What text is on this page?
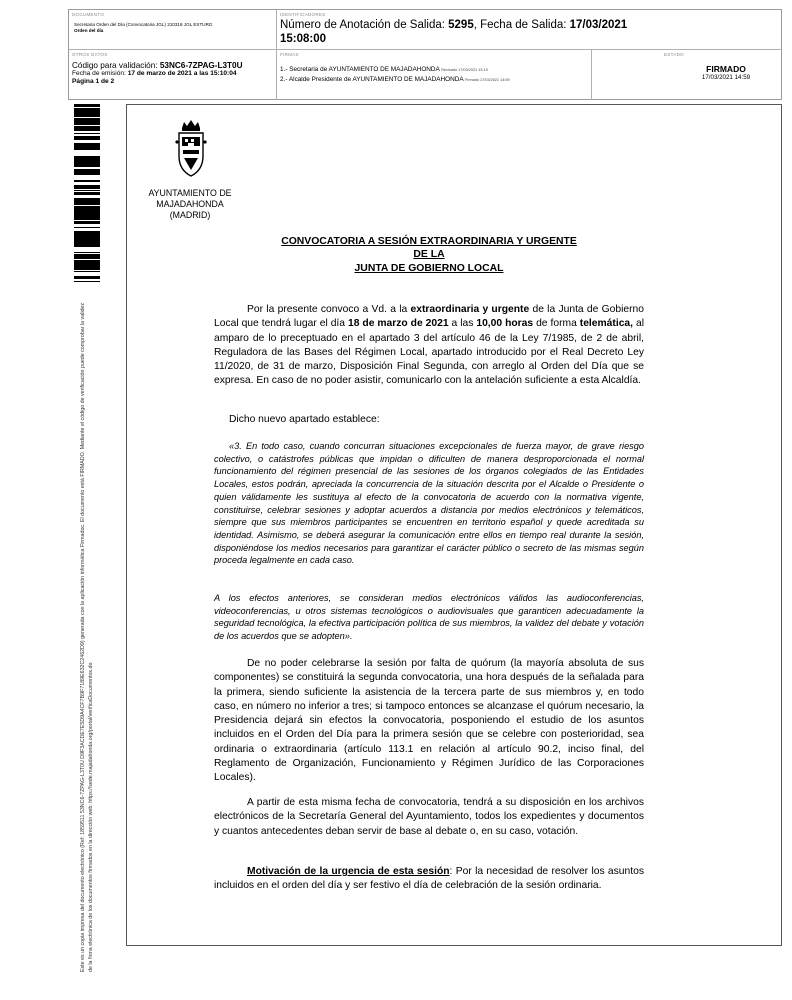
DOCUMENTO
Secretaria Orden del Día (Convocatoria JGL) 210318 JGL EXTURG
Orden del día
IDENTIFICADORES
Número de Anotación de Salida: 5295, Fecha de Salida: 17/03/2021
15:08:00
OTROS DATOS
Código para validación: 53NC6-7ZPAG-L3T0U
Fecha de emisión: 17 de marzo de 2021 a las 15:10:04
Página 1 de 2
FIRMAS
1.- Secretaria de AYUNTAMIENTO DE MAJADAHONDA Revisado 17/03/2021 13:19
2.- Alcalde Presidente de AYUNTAMIENTO DE MAJADAHONDA Firmado 17/03/2021 14:59
ESTADO
FIRMADO
17/03/2021 14:59
Este es un copia impresa del documento electrónico (Ref: 1859511 53NC6-7ZPAG-L3T0U D9F3ACDE7E5D9A4CF7B9F7189E632C2462D9) generada con la aplicación informática Firmadoc. El documento está FIRMADO. Mediante el código de verificación puede comprobar la validez de la firma electrónica de los documentos firmados en la dirección web: https://sede.majadahonda.org/portal/verificaDocumentos.do
AYUNTAMIENTO DE
MAJADAHONDA
(MADRID)
CONVOCATORIA A SESIÓN EXTRAORDINARIA Y URGENTE
DE LA
JUNTA DE GOBIERNO LOCAL
Por la presente convoco a Vd. a la extraordinaria y urgente de la Junta de Gobierno Local que tendrá lugar el día 18 de marzo de 2021 a las 10,00 horas de forma telemática, al amparo de lo preceptuado en el apartado 3 del artículo 46 de la Ley 7/1985, de 2 de abril, Reguladora de las Bases del Régimen Local, apartado introducido por el Real Decreto Ley 11/2020, de 31 de marzo, Disposición Final Segunda, con arreglo al Orden del Día que se expresa. En caso de no poder asistir, comunicarlo con la antelación suficiente a esta Alcaldía.
Dicho nuevo apartado establece:
«3. En todo caso, cuando concurran situaciones excepcionales de fuerza mayor, de grave riesgo colectivo, o catástrofes públicas que impidan o dificulten de manera desproporcionada el normal funcionamiento del régimen presencial de las sesiones de los órganos colegiados de las Entidades Locales, estos podrán, apreciada la concurrencia de la situación descrita por el Alcalde o Presidente o quien válidamente les sustituya al efecto de la convocatoria de acuerdo con la normativa vigente, constituirse, celebrar sesiones y adoptar acuerdos a distancia por medios electrónicos y telemáticos, siempre que sus miembros participantes se encuentren en territorio español y quede acreditada su identidad. Asimismo, se deberá asegurar la comunicación entre ellos en tiempo real durante la sesión, disponiéndose los medios necesarios para garantizar el carácter público o secreto de las mismas según proceda legalmente en cada caso.
A los efectos anteriores, se consideran medios electrónicos válidos las audioconferencias, videoconferencias, u otros sistemas tecnológicos o audiovisuales que garanticen adecuadamente la seguridad tecnológica, la efectiva participación política de sus miembros, la validez del debate y votación de los acuerdos que se adopten».
De no poder celebrarse la sesión por falta de quórum (la mayoría absoluta de sus componentes) se constituirá la segunda convocatoria, una hora después de la señalada para la primera, siendo suficiente la asistencia de la tercera parte de sus miembros y, en todo caso, en número no inferior a tres; si tampoco entonces se alcanzase el quórum necesario, la Presidencia dejará sin efectos la convocatoria, posponiendo el estudio de los asuntos incluidos en el Orden del Día para la primera sesión que se celebre con posterioridad, sea ordinaria o extraordinaria (artículo 113.1 en relación al artículo 90.2, inciso final, del Reglamento de Organización, Funcionamiento y Régimen Jurídico de las Corporaciones Locales).
A partir de esta misma fecha de convocatoria, tendrá a su disposición en los archivos electrónicos de la Secretaría General del Ayuntamiento, todos los expedientes y documentos y cuantos antecedentes deban servir de base al debate o, en su caso, votación.
Motivación de la urgencia de esta sesión: Por la necesidad de resolver los asuntos incluidos en el orden del día y ser festivo el día de celebración de la sesión ordinaria.
